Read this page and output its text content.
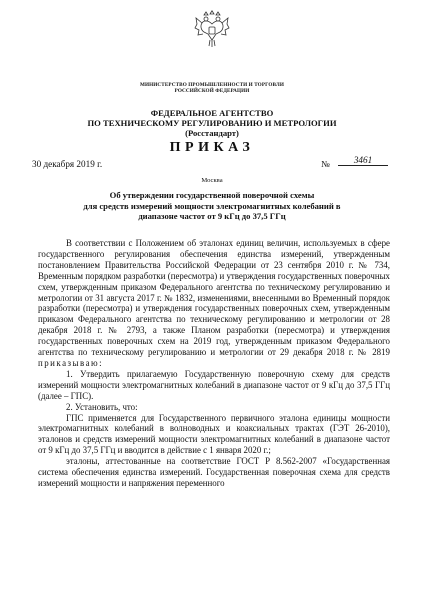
МИНИСТЕРСТВО ПРОМЫШЛЕННОСТИ И ТОРГОВЛИ
РОССИЙСКОЙ ФЕДЕРАЦИИ
ФЕДЕРАЛЬНОЕ АГЕНТСТВО
ПО ТЕХНИЧЕСКОМУ РЕГУЛИРОВАНИЮ И МЕТРОЛОГИИ
(Росстандарт)
ПРИКАЗ
30 декабря 2019 г.	№	3461
Москва
Об утверждении государственной поверочной схемы
для средств измерений мощности электромагнитных колебаний в
диапазоне частот от 9 кГц до 37,5 ГГц

В соответствии с Положением об эталонах единиц величин, используемых в сфере государственного регулирования обеспечения единства измерений, утвержденным постановлением Правительства Российской Федерации от 23 сентября 2010 г. № 734, Временным порядком разработки (пересмотра) и утверждения государственных поверочных схем, утвержденным приказом Федерального агентства по техническому регулированию и метрологии от 31 августа 2017 г. № 1832, изменениями, внесенными во Временный порядок разработки (пересмотра) и утверждения государственных поверочных схем, утвержденным приказом Федерального агентства по техническому регулированию и метрологии от 28 декабря 2018 г. № 2793, а также Планом разработки (пересмотра) и утверждения государственных поверочных схем на 2019 год, утвержденным приказом Федерального агентства по техническому регулированию и метрологии от 29 декабря 2018 г. № 2819 приказываю:

1. Утвердить прилагаемую Государственную поверочную схему для средств измерений мощности электромагнитных колебаний в диапазоне частот от 9 кГц до 37,5 ГГц (далее – ГПС).

2. Установить, что:

ГПС применяется для Государственного первичного эталона единицы мощности электромагнитных колебаний в волноводных и коаксиальных трактах (ГЭТ 26-2010), эталонов и средств измерений мощности электромагнитных колебаний в диапазоне частот от 9 кГц до 37,5 ГГц и вводится в действие с 1 января 2020 г.;

эталоны, аттестованные на соответствие ГОСТ Р 8.562-2007 «Государственная система обеспечения единства измерений. Государственная поверочная схема для средств измерений мощности и напряжения переменного
